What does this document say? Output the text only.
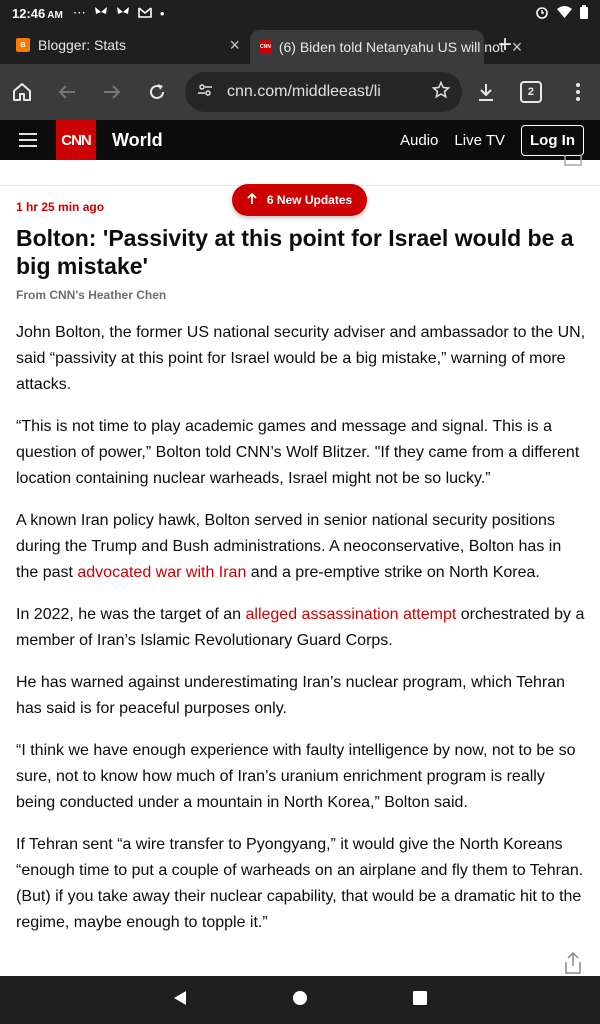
12:46 AM ⋯	•
B Blogger: Stats	×	CNN (6) Biden told Netanyahu US will not ×
+
cnn.com/middleeast/li	2
CNN World	Audio Live TV	Log In

1 hr 25 min ago

Bolton: 'Passivity at this point for Israel would be a big mistake'

From CNN's Heather Chen

John Bolton, the former US national security adviser and ambassador to the UN, said “passivity at this point for Israel would be a big mistake,” warning of more attacks.

“This is not time to play academic games and message and signal. This is a question of power,” Bolton told CNN’s Wolf Blitzer. "If they came from a different location containing nuclear warheads, Israel might not be so lucky.”

A known Iran policy hawk, Bolton served in senior national security positions during the Trump and Bush administrations. A neoconservative, Bolton has in the past advocated war with Iran and a pre-emptive strike on North Korea.

In 2022, he was the target of an alleged assassination attempt orchestrated by a member of Iran’s Islamic Revolutionary Guard Corps.

He has warned against underestimating Iran’s nuclear program, which Tehran has said is for peaceful purposes only.

“I think we have enough experience with faulty intelligence by now, not to be so sure, not to know how much of Iran’s uranium enrichment program is really being conducted under a mountain in North Korea,” Bolton said.

If Tehran sent “a wire transfer to Pyongyang,” it would give the North Koreans “enough time to put a couple of warheads on an airplane and fly them to Tehran. (But) if you take away their nuclear capability, that would be a dramatic hit to the regime, maybe enough to topple it.”

6 New Updates
